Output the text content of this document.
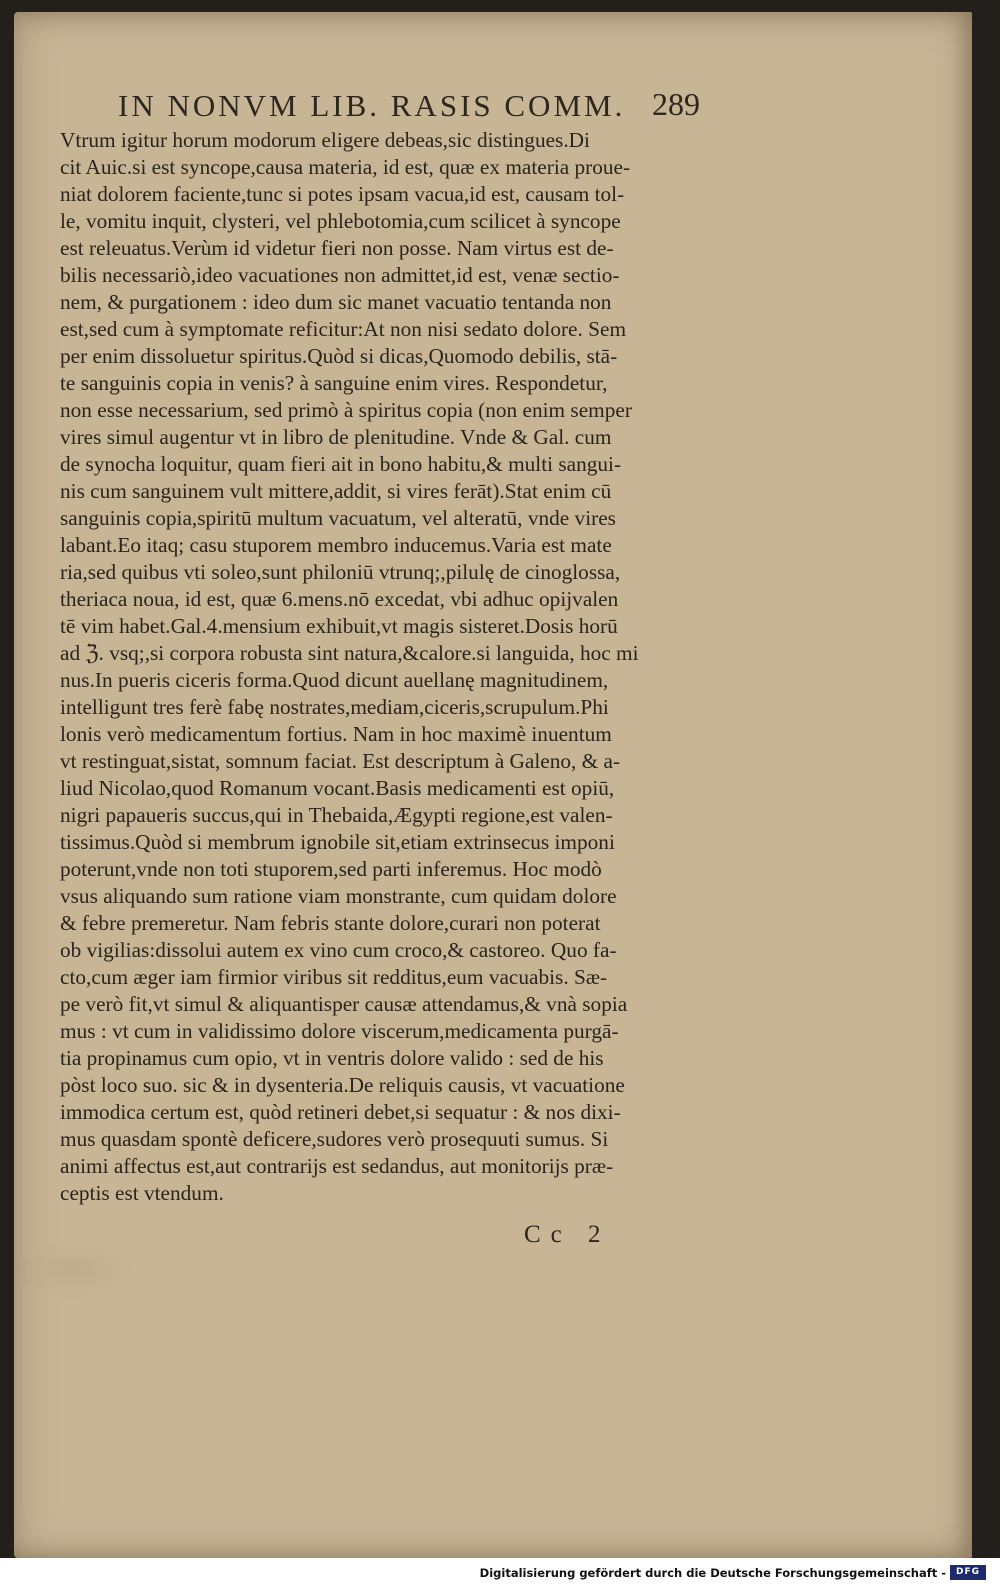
IN NONVM LIB. RASIS COMM. 289
Vtrum igitur horum modorum eligere debeas,sic distingues.Di
cit Auic.si est syncope,causa materia, id est, quæ ex materia proue-
niat dolorem faciente,tunc si potes ipsam vacua,id est, causam tol-
le, vomitu inquit, clysteri, vel phlebotomia,cum scilicet à syncope
est releuatus.Verùm id videtur fieri non posse. Nam virtus est de-
bilis necessariò,ideo vacuationes non admittet,id est, venæ sectio-
nem, & purgationem : ideo dum sic manet vacuatio tentanda non
est,sed cum à symptomate reficitur:At non nisi sedato dolore. Sem
per enim dissoluetur spiritus.Quòd si dicas,Quomodo debilis, stā-
te sanguinis copia in venis? à sanguine enim vires. Respondetur,
non esse necessarium, sed primò à spiritus copia (non enim semper
vires simul augentur vt in libro de plenitudine. Vnde & Gal. cum
de synocha loquitur, quam fieri ait in bono habitu,& multi sangui-
nis cum sanguinem vult mittere,addit, si vires ferāt).Stat enim cū
sanguinis copia,spiritū multum vacuatum, vel alteratū, vnde vires
labant.Eo itaq; casu stuporem membro inducemus.Varia est mate
ria,sed quibus vti soleo,sunt philoniū vtrunq;,pilulę de cinoglossa,
theriaca noua, id est, quæ 6.mens.nō excedat, vbi adhuc opijvalen
tē vim habet.Gal.4.mensium exhibuit,vt magis sisteret.Dosis horū
ad ℨ. vsq;,si corpora robusta sint natura,&calore.si languida, hoc mi
nus.In pueris ciceris forma.Quod dicunt auellanę magnitudinem,
intelligunt tres ferè fabę nostrates,mediam,ciceris,scrupulum.Phi
lonis verò medicamentum fortius. Nam in hoc maximè inuentum
vt restinguat,sistat, somnum faciat. Est descriptum à Galeno, & a-
liud Nicolao,quod Romanum vocant.Basis medicamenti est opiū,
nigri papaueris succus,qui in Thebaida,Ægypti regione,est valen-
tissimus.Quòd si membrum ignobile sit,etiam extrinsecus imponi
poterunt,vnde non toti stuporem,sed parti inferemus. Hoc modò
vsus aliquando sum ratione viam monstrante, cum quidam dolore
& febre premeretur. Nam febris stante dolore,curari non poterat
ob vigilias:dissolui autem ex vino cum croco,& castoreo. Quo fa-
cto,cum æger iam firmior viribus sit redditus,eum vacuabis. Sæ-
pe verò fit,vt simul & aliquantisper causæ attendamus,& vnà sopia
mus : vt cum in validissimo dolore viscerum,medicamenta purgā-
tia propinamus cum opio, vt in ventris dolore valido : sed de his
pòst loco suo. sic & in dysenteria.De reliquis causis, vt vacuatione
immodica certum est, quòd retineri debet,si sequatur : & nos dixi-
mus quasdam spontè deficere,sudores verò prosequuti sumus. Si
animi affectus est,aut contrarijs est sedandus, aut monitorijs præ-
ceptis est vtendum.
Cc 2
Digitalisierung gefördert durch die Deutsche Forschungsgemeinschaft -	DFG
